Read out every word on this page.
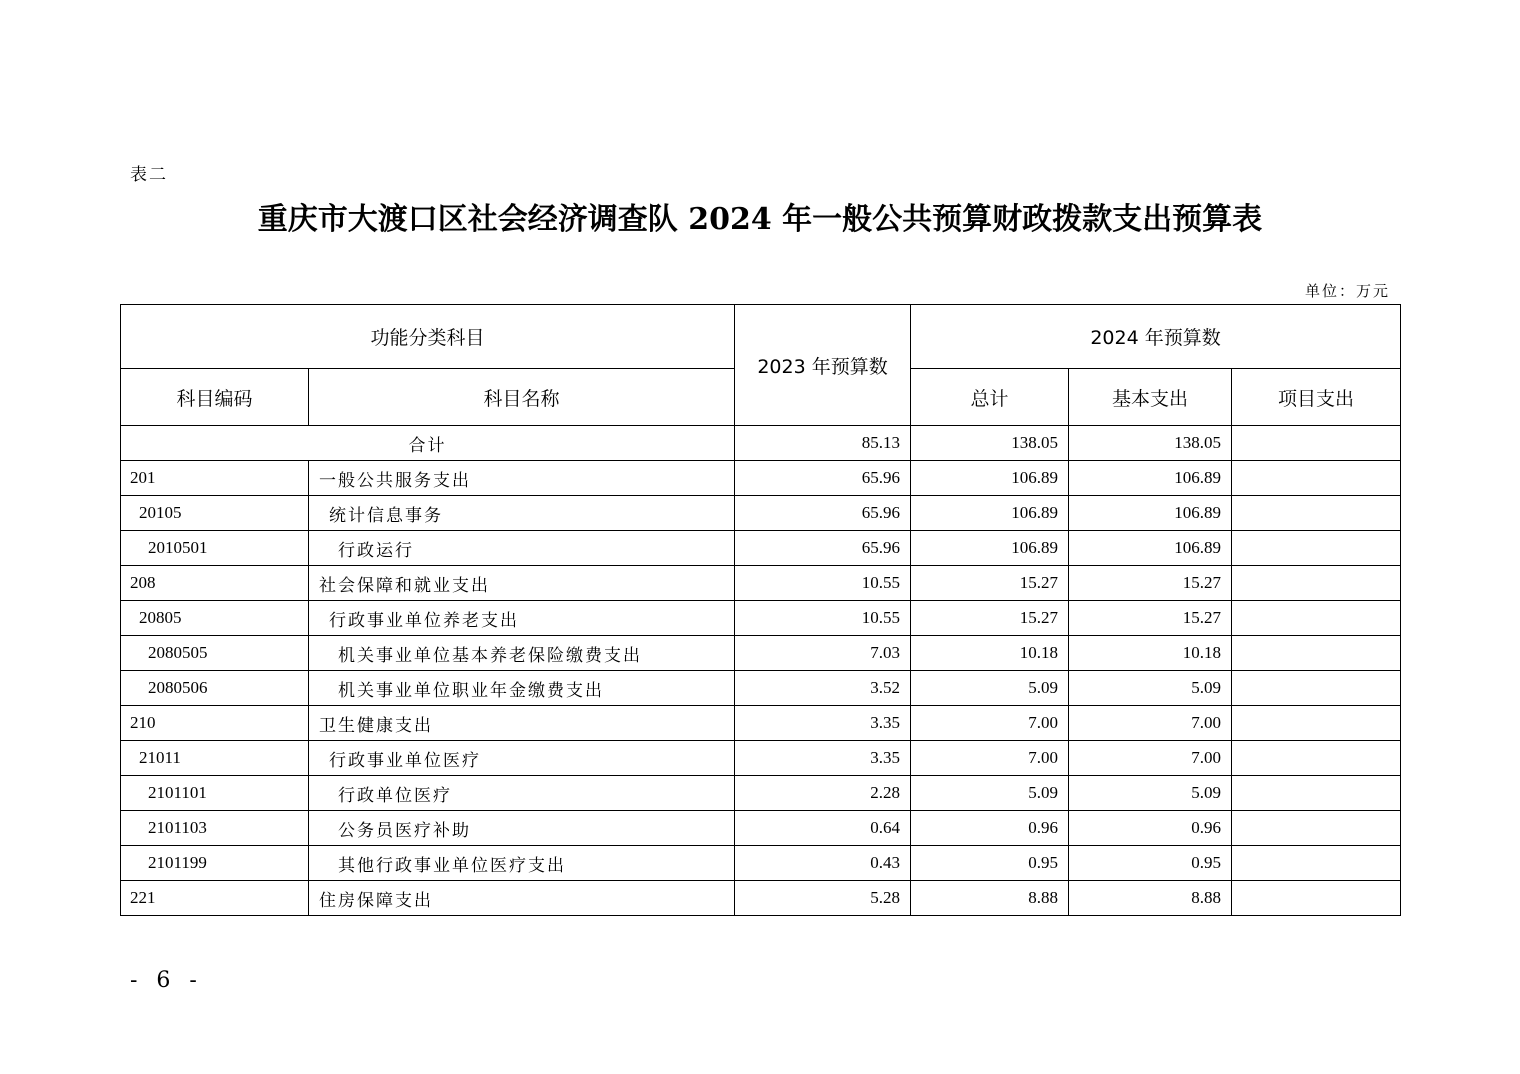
表二
重庆市大渡口区社会经济调查队 2024 年一般公共预算财政拨款支出预算表
单位：万元
功能分类科目		2023 年预算数	2024 年预算数		
科目编码	科目名称		总计	基本支出	项目支出
合计		85.13	138.05	138.05	
201	一般公共服务支出	65.96	106.89	106.89	
20105	统计信息事务	65.96	106.89	106.89	
2010501	行政运行	65.96	106.89	106.89	
208	社会保障和就业支出	10.55	15.27	15.27	
20805	行政事业单位养老支出	10.55	15.27	15.27	
2080505	机关事业单位基本养老保险缴费支出	7.03	10.18	10.18	
2080506	机关事业单位职业年金缴费支出	3.52	5.09	5.09	
210	卫生健康支出	3.35	7.00	7.00	
21011	行政事业单位医疗	3.35	7.00	7.00	
2101101	行政单位医疗	2.28	5.09	5.09	
2101103	公务员医疗补助	0.64	0.96	0.96	
2101199	其他行政事业单位医疗支出	0.43	0.95	0.95	
221	住房保障支出	5.28	8.88	8.88	
- 6 -
